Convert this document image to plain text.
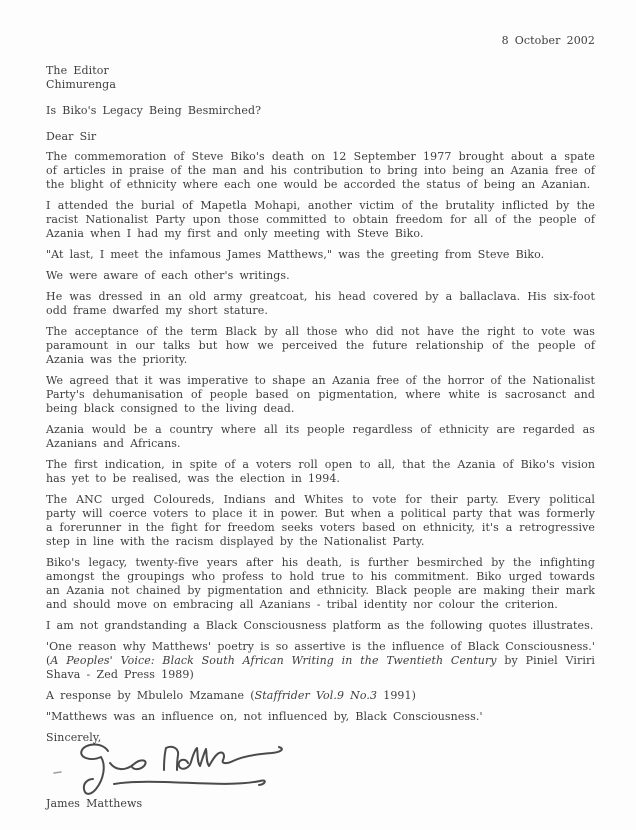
8 October 2002
The Editor
Chimurenga
Is Biko's Legacy Being Besmirched?
Dear Sir

The commemoration of Steve Biko's death on 12 September 1977 brought about a spate of articles in praise of the man and his contribution to bring into being an Azania free of the blight of ethnicity where each one would be accorded the status of being an Azanian.

I attended the burial of Mapetla Mohapi, another victim of the brutality inflicted by the racist Nationalist Party upon those committed to obtain freedom for all of the people of Azania when I had my first and only meeting with Steve Biko.

"At last, I meet the infamous James Matthews," was the greeting from Steve Biko.

We were aware of each other's writings.

He was dressed in an old army greatcoat, his head covered by a ballaclava. His six-foot odd frame dwarfed my short stature.

The acceptance of the term Black by all those who did not have the right to vote was paramount in our talks but how we perceived the future relationship of the people of Azania was the priority.

We agreed that it was imperative to shape an Azania free of the horror of the Nationalist Party's dehumanisation of people based on pigmentation, where white is sacrosanct and being black consigned to the living dead.

Azania would be a country where all its people regardless of ethnicity are regarded as Azanians and Africans.

The first indication, in spite of a voters roll open to all, that the Azania of Biko's vision has yet to be realised, was the election in 1994.

The ANC urged Coloureds, Indians and Whites to vote for their party. Every political party will coerce voters to place it in power. But when a political party that was formerly a forerunner in the fight for freedom seeks voters based on ethnicity, it's a retrogressive step in line with the racism displayed by the Nationalist Party.

Biko's legacy, twenty-five years after his death, is further besmirched by the infighting amongst the groupings who profess to hold true to his commitment. Biko urged towards an Azania not chained by pigmentation and ethnicity. Black people are making their mark and should move on embracing all Azanians - tribal identity nor colour the criterion.

I am not grandstanding a Black Consciousness platform as the following quotes illustrates.

'One reason why Matthews' poetry is so assertive is the influence of Black Consciousness.' (A Peoples' Voice: Black South African Writing in the Twentieth Century by Piniel Viriri Shava - Zed Press 1989)

A response by Mbulelo Mzamane (Staffrider Vol.9 No.3 1991)

"Matthews was an influence on, not influenced by, Black Consciousness.'

Sincerely,
James Matthews
